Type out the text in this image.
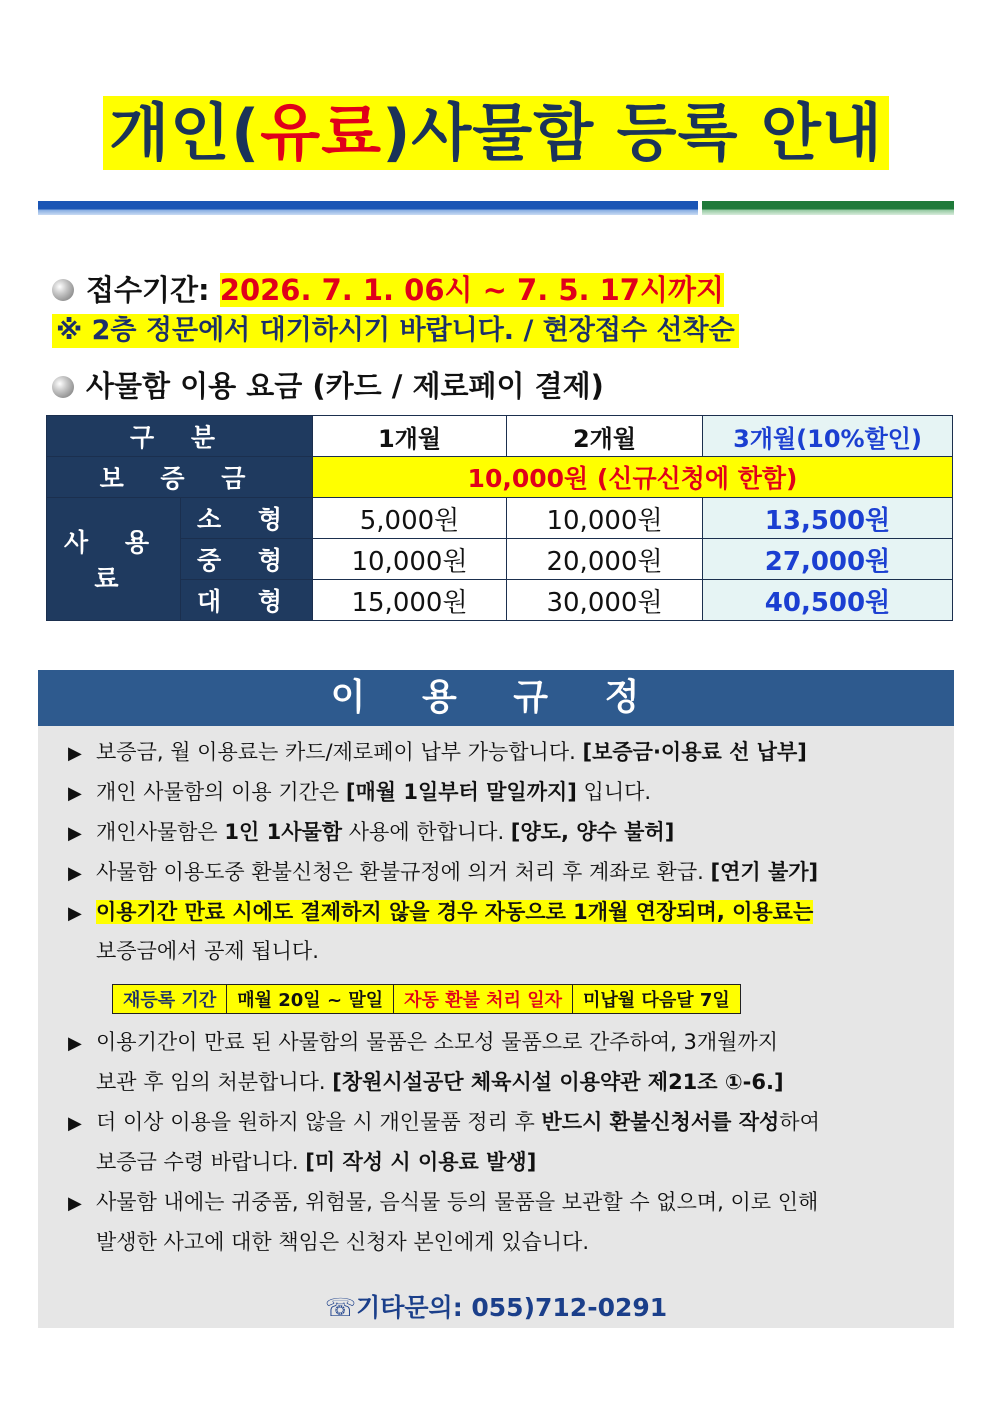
개인(유료)사물함 등록 안내
접수기간: 2026. 7. 1. 06시 ~ 7. 5. 17시까지
※ 2층 정문에서 대기하시기 바랍니다. / 현장접수 선착순
사물함 이용 요금 (카드 / 제로페이 결제)
구 분		1개월	2개월	3개월(10%할인)
보 증 금		10,000원 (신규신청에 한함)		
사 용 료	소 형	5,000원	10,000원	13,500원
	중 형	10,000원	20,000원	27,000원
	대 형	15,000원	30,000원	40,500원
이 용 규 정
▶ 보증금, 월 이용료는 카드/제로페이 납부 가능합니다. [보증금·이용료 선 납부]
▶ 개인 사물함의 이용 기간은 [매월 1일부터 말일까지] 입니다.
▶ 개인사물함은 1인 1사물함 사용에 한합니다. [양도, 양수 불허]
▶ 사물함 이용도중 환불신청은 환불규정에 의거 처리 후 계좌로 환급. [연기 불가]
▶ 이용기간 만료 시에도 결제하지 않을 경우 자동으로 1개월 연장되며, 이용료는
보증금에서 공제 됩니다.
재등록 기간	매월 20일 ~ 말일	자동 환불 처리 일자	미납월 다음달 7일
▶ 이용기간이 만료 된 사물함의 물품은 소모성 물품으로 간주하여, 3개월까지
보관 후 임의 처분합니다. [창원시설공단 체육시설 이용약관 제21조 ①-6.]
▶ 더 이상 이용을 원하지 않을 시 개인물품 정리 후 반드시 환불신청서를 작성하여
보증금 수령 바랍니다. [미 작성 시 이용료 발생]
▶ 사물함 내에는 귀중품, 위험물, 음식물 등의 물품을 보관할 수 없으며, 이로 인해
발생한 사고에 대한 책임은 신청자 본인에게 있습니다.
☏기타문의: 055)712-0291
